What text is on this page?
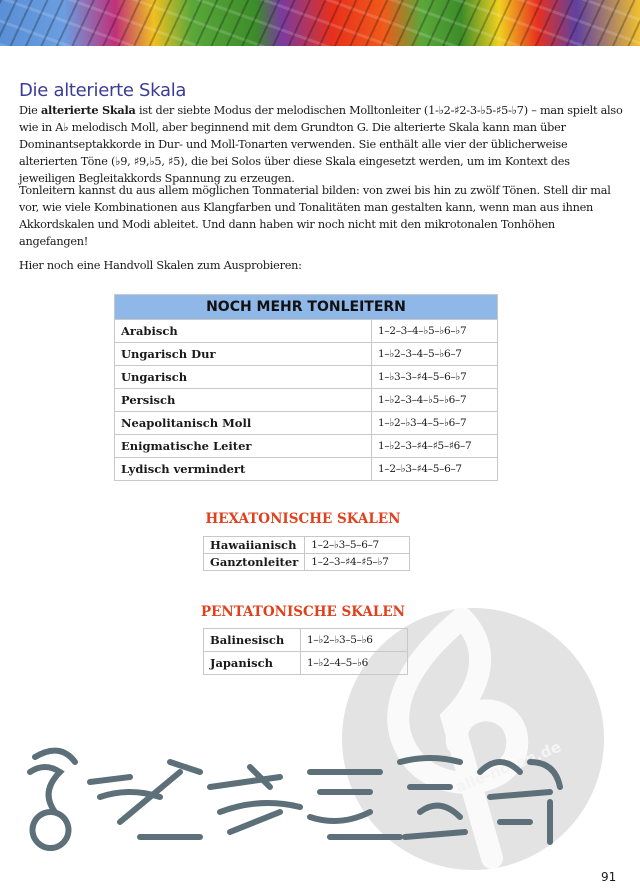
alle-noten.de
Die alterierte Skala

Die alterierte Skala ist der siebte Modus der melodischen Molltonleiter (1-♭2-♯2-3-♭5-♯5-♭7) – man spielt also wie in A♭ melodisch Moll, aber beginnend mit dem Grundton G. Die alterierte Skala kann man über Dominantseptakkorde in Dur- und Moll-Tonarten verwenden. Sie enthält alle vier der üblicherweise alterierten Töne (♭9, ♯9,♭5, ♯5), die bei Solos über diese Skala eingesetzt werden, um im Kontext des jeweiligen Begleitakkords Spannung zu erzeugen.

Tonleitern kannst du aus allem möglichen Tonmaterial bilden: von zwei bis hin zu zwölf Tönen. Stell dir mal vor, wie viele Kombinationen aus Klangfarben und Tonalitäten man gestalten kann, wenn man aus ihnen Akkordskalen und Modi ableitet. Und dann haben wir noch nicht mit den mikrotonalen Tonhöhen angefangen!

Hier noch eine Handvoll Skalen zum Ausprobieren:

NOCH MEHR TONLEITERN	
Arabisch	1–2–3–4–♭5–♭6–♭7
Ungarisch Dur	1–♭2–3–4–5–♭6–7
Ungarisch	1–♭3–3–♯4–5–6–♭7
Persisch	1–♭2–3–4–♭5–♭6–7
Neapolitanisch Moll	1–♭2–♭3–4–5–♭6–7
Enigmatische Leiter	1–♭2–3–♯4–♯5–♯6–7
Lydisch vermindert	1–2–♭3–♯4–5–6–7

HEXATONISCHE SKALEN

Hawaiianisch	1–2–♭3–5–6–7
Ganztonleiter	1–2–3–♯4–♯5–♭7

PENTATONISCHE SKALEN

Balinesisch	1–♭2–♭3–5–♭6
Japanisch	1–♭2–4–5–♭6
91
